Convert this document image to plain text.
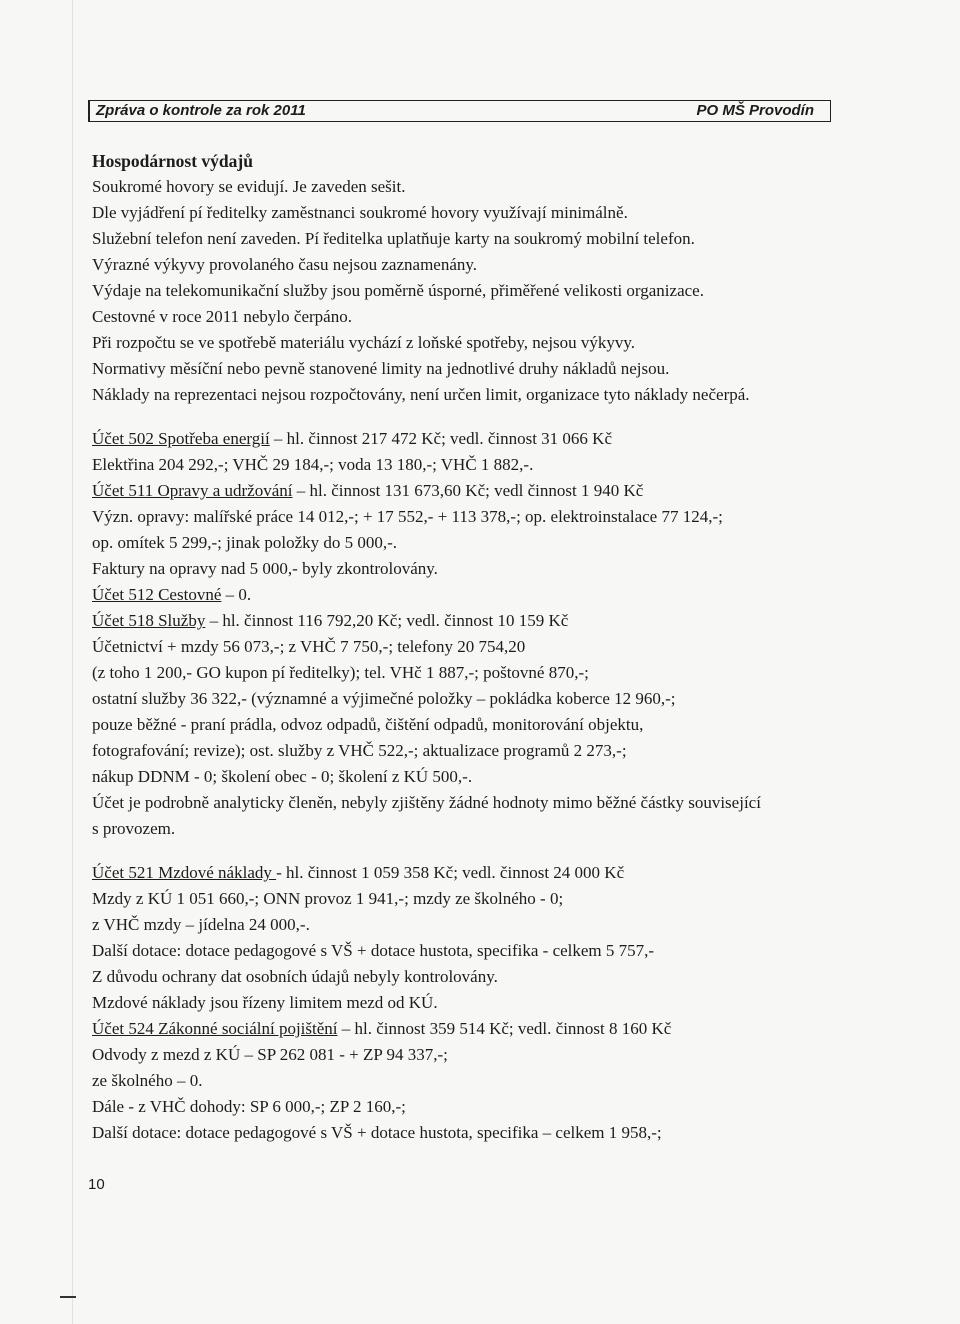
Zpráva o kontrole za rok 2011	PO MŠ Provodín
Hospodárnost výdajů
Soukromé hovory se evidují. Je zaveden sešit.
Dle vyjádření pí ředitelky zaměstnanci soukromé hovory využívají minimálně.
Služební telefon není zaveden. Pí ředitelka uplatňuje karty na soukromý mobilní telefon.
Výrazné výkyvy provolaného času nejsou zaznamenány.
Výdaje na telekomunikační služby jsou poměrně úsporné, přiměřené velikosti organizace.
Cestovné v roce 2011 nebylo čerpáno.
Při rozpočtu se ve spotřebě materiálu vychází z loňské spotřeby, nejsou výkyvy.
Normativy měsíční nebo pevně stanovené limity na jednotlivé druhy nákladů nejsou.
Náklady na reprezentaci nejsou rozpočtovány, není určen limit, organizace tyto náklady nečerpá.
Účet 502 Spotřeba energií – hl. činnost 217 472 Kč; vedl. činnost 31 066 Kč
Elektřina 204 292,-; VHČ 29 184,-; voda 13 180,-; VHČ 1 882,-.
Účet 511 Opravy a udržování – hl. činnost 131 673,60 Kč; vedl činnost 1 940 Kč
Význ. opravy: malířské práce 14 012,-; + 17 552,- + 113 378,-; op. elektroinstalace 77 124,-;
op. omítek 5 299,-; jinak položky do 5 000,-.
Faktury na opravy nad 5 000,- byly zkontrolovány.
Účet 512 Cestovné – 0.
Účet 518 Služby – hl. činnost 116 792,20 Kč; vedl. činnost 10 159 Kč
Účetnictví + mzdy 56 073,-; z VHČ 7 750,-; telefony 20 754,20
(z toho 1 200,- GO kupon pí ředitelky); tel. VHč 1 887,-; poštovné 870,-;
ostatní služby 36 322,- (významné a výjimečné položky – pokládka koberce 12 960,-;
pouze běžné - praní prádla, odvoz odpadů, čištění odpadů, monitorování objektu,
fotografování; revize); ost. služby z VHČ 522,-; aktualizace programů 2 273,-;
nákup DDNM - 0; školení obec - 0; školení z KÚ 500,-.
Účet je podrobně analyticky členěn, nebyly zjištěny žádné hodnoty mimo běžné částky související
s provozem.
Účet 521 Mzdové náklady - hl. činnost 1 059 358 Kč; vedl. činnost 24 000 Kč
Mzdy z KÚ 1 051 660,-; ONN provoz 1 941,-; mzdy ze školného - 0;
z VHČ mzdy – jídelna 24 000,-.
Další dotace: dotace pedagogové s VŠ + dotace hustota, specifika - celkem 5 757,-
Z důvodu ochrany dat osobních údajů nebyly kontrolovány.
Mzdové náklady jsou řízeny limitem mezd od KÚ.
Účet 524 Zákonné sociální pojištění – hl. činnost 359 514 Kč; vedl. činnost 8 160 Kč
Odvody z mezd z KÚ – SP 262 081 - + ZP 94 337,-;
ze školného – 0.
Dále - z VHČ dohody: SP 6 000,-; ZP 2 160,-;
Další dotace: dotace pedagogové s VŠ + dotace hustota, specifika – celkem 1 958,-;
10
